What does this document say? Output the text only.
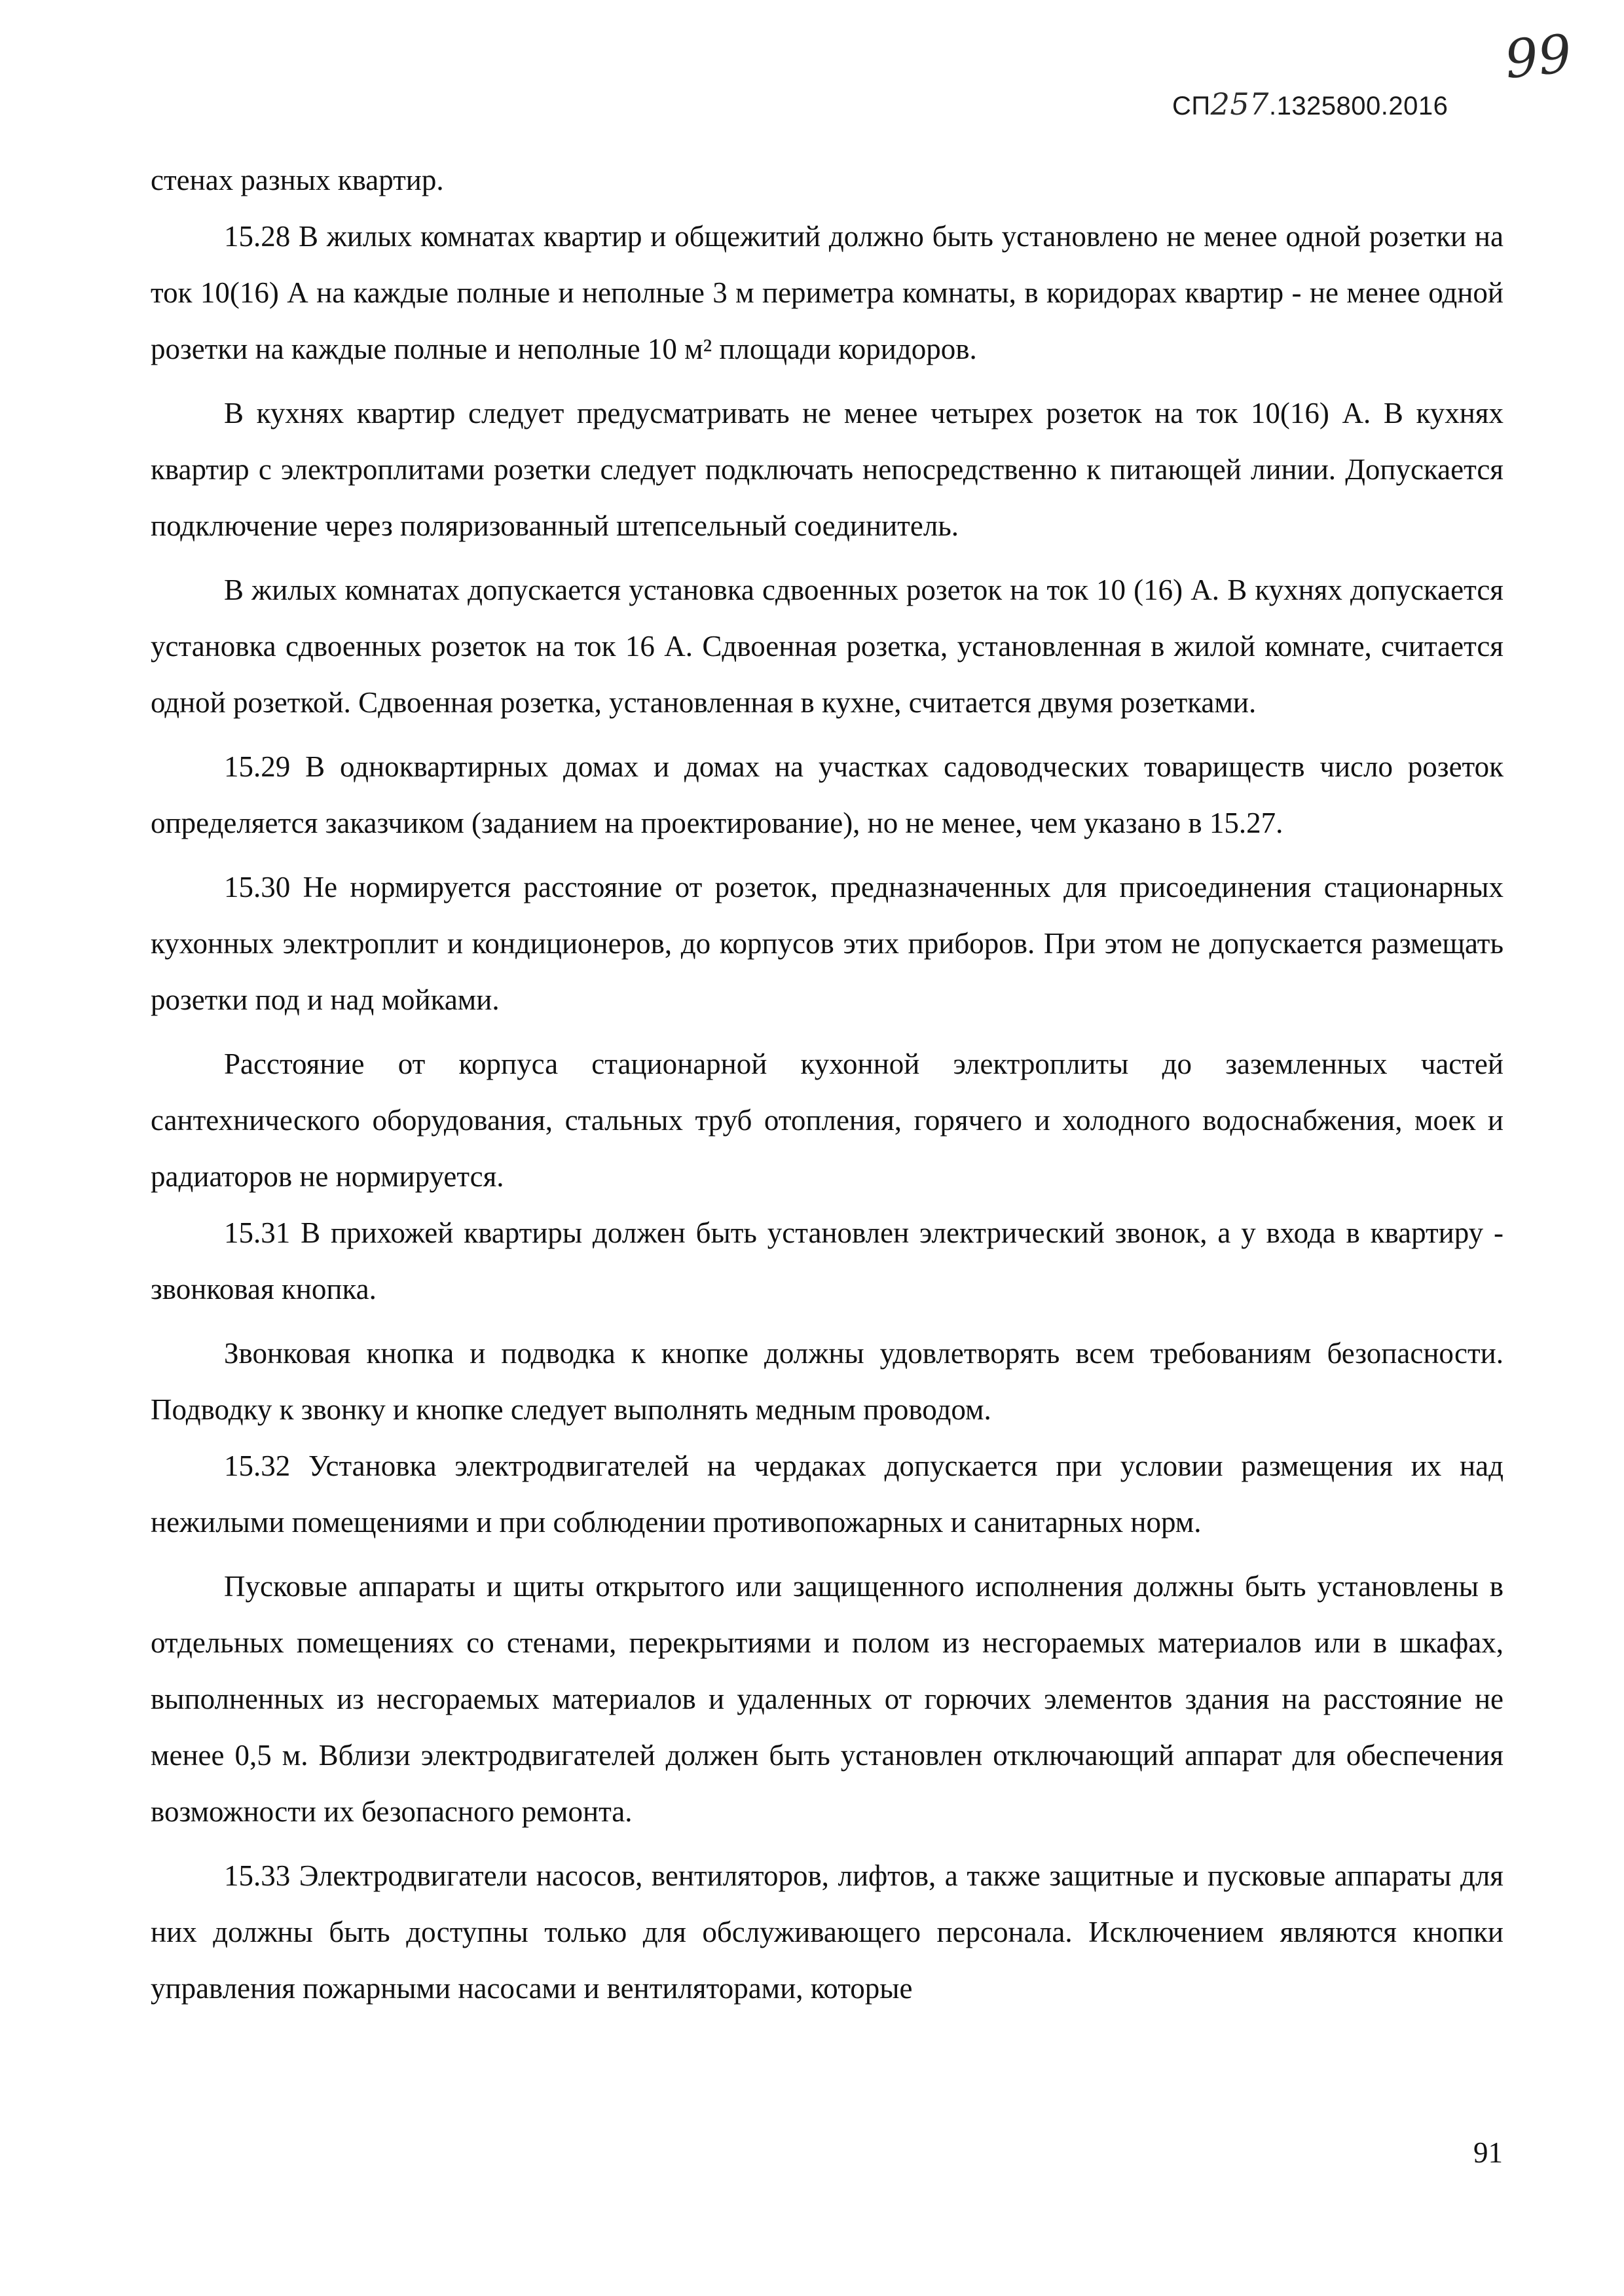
99
СП257.1325800.2016

стенах разных квартир.

15.28 В жилых комнатах квартир и общежитий должно быть установлено не менее одной розетки на ток 10(16) А на каждые полные и неполные 3 м периметра комнаты, в коридорах квартир - не менее одной розетки на каждые полные и неполные 10 м² площади коридоров.

В кухнях квартир следует предусматривать не менее четырех розеток на ток 10(16) А. В кухнях квартир с электроплитами розетки следует подключать непосредственно к питающей линии. Допускается подключение через поляризованный штепсельный соединитель.

В жилых комнатах допускается установка сдвоенных розеток на ток 10 (16) А. В кухнях допускается установка сдвоенных розеток на ток 16 А. Сдвоенная розетка, установленная в жилой комнате, считается одной розеткой. Сдвоенная розетка, установленная в кухне, считается двумя розетками.

15.29 В одноквартирных домах и домах на участках садоводческих товариществ число розеток определяется заказчиком (заданием на проектирование), но не менее, чем указано в 15.27.

15.30 Не нормируется расстояние от розеток, предназначенных для присоединения стационарных кухонных электроплит и кондиционеров, до корпусов этих приборов. При этом не допускается размещать розетки под и над мойками.

Расстояние от корпуса стационарной кухонной электроплиты до заземленных частей сантехнического оборудования, стальных труб отопления, горячего и холодного водоснабжения, моек и радиаторов не нормируется.

15.31 В прихожей квартиры должен быть установлен электрический звонок, а у входа в квартиру - звонковая кнопка.

Звонковая кнопка и подводка к кнопке должны удовлетворять всем требованиям безопасности. Подводку к звонку и кнопке следует выполнять медным проводом.

15.32 Установка электродвигателей на чердаках допускается при условии размещения их над нежилыми помещениями и при соблюдении противопожарных и санитарных норм.

Пусковые аппараты и щиты открытого или защищенного исполнения должны быть установлены в отдельных помещениях со стенами, перекрытиями и полом из несгораемых материалов или в шкафах, выполненных из несгораемых материалов и удаленных от горючих элементов здания на расстояние не менее 0,5 м. Вблизи электродвигателей должен быть установлен отключающий аппарат для обеспечения возможности их безопасного ремонта.

15.33 Электродвигатели насосов, вентиляторов, лифтов, а также защитные и пусковые аппараты для них должны быть доступны только для обслуживающего персонала. Исключением являются кнопки управления пожарными насосами и вентиляторами, которые

91
